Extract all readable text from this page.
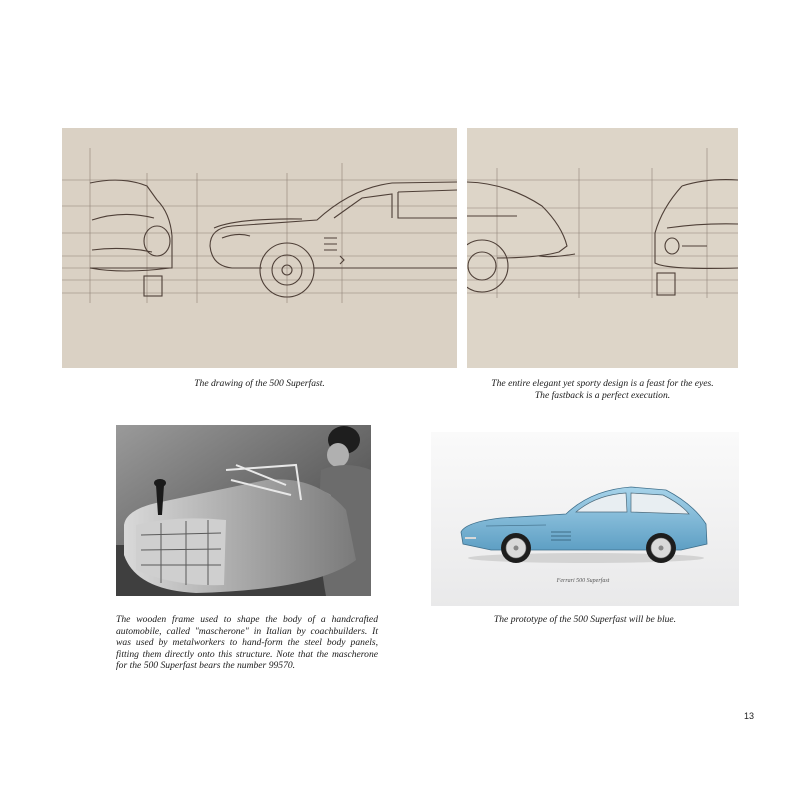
The drawing of the 500 Superfast.	The entire elegant yet sporty design is a feast for the eyes.
The fastback is a perfect execution.
Ferrari 500 Superfast
The wooden frame used to shape the body of a handcrafted
automobile, called "mascherone" in Italian by coachbuilders. It
was used by metalworkers to hand-form the steel body panels,
fitting them directly onto this structure. Note that the mascherone
for the 500 Superfast bears the number 99570.
The prototype of the 500 Superfast will be blue.
13
